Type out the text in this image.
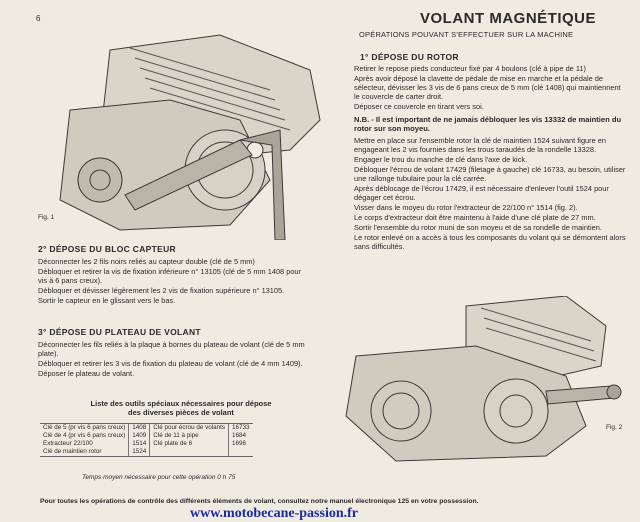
6	VOLANT MAGNÉTIQUE
OPÉRATIONS POUVANT S'EFFECTUER SUR LA MACHINE
Fig. 1
1° DÉPOSE DU ROTOR

Retirer le repose pieds conducteur fixé par 4 boulons (clé à pipe de 11)

Après avoir déposé la clavette de pédale de mise en marche et la pédale de sélecteur, dévisser les 3 vis de 6 pans creux de 5 mm (clé 1408) qui maintiennent le couvercle de carter droit.

Déposer ce couvercle en tirant vers soi.

N.B. - Il est important de ne jamais débloquer les vis 13332 de maintien du rotor sur son moyeu.

Mettre en place sur l'ensemble rotor la clé de maintien 1524 suivant figure en engageant les 2 vis fournies dans les trous taraudés de la rondelle 13328.

Engager le trou du manche de clé dans l'axe de kick.

Débloquer l'écrou de volant 17429 (filetage à gauche) clé 16733, au besoin, utiliser une rallonge tubulaire pour la clé carrée.

Après déblocage de l'écrou 17429, il est nécessaire d'enlever l'outil 1524 pour dégager cet écrou.

Visser dans le moyeu du rotor l'extracteur de 22/100 n° 1514 (fig. 2).

Le corps d'extracteur doit être maintenu à l'aide d'une clé plate de 27 mm.

Sortir l'ensemble du rotor muni de son moyeu et de sa rondelle de maintien.

Le rotor enlevé on a accès à tous les composants du volant qui se démontent alors sans difficultés.

2° DÉPOSE DU BLOC CAPTEUR

Déconnecter les 2 fils noirs reliés au capteur double (clé de 5 mm)

Débloquer et retirer la vis de fixation inférieure n° 13105 (clé de 5 mm 1408 pour vis à 6 pans creux).

Débloquer et dévisser légèrement les 2 vis de fixation supérieure n° 13105.

Sortir le capteur en le glissant vers le bas.

3° DÉPOSE DU PLATEAU DE VOLANT

Déconnecter les fils reliés à la plaque à bornes du plateau de volant (clé de 5 mm plate).

Débloquer et retirer les 3 vis de fixation du plateau de volant (clé de 4 mm 1409).

Déposer le plateau de volant.

Liste des outils spéciaux nécessaires pour dépose
des diverses pièces de volant
Clé de 5 (pr vis 6 pans creux)	1408	Clé pour écrou de volants	16733
Clé de 4 (pr vis 6 pans creux)	1409	Clé de 11 à pipe	1684
Extracteur 22/100	1514	Clé plate de 6	1696
Clé de maintien rotor	1524		
Fig. 2
Temps moyen nécessaire pour cette opération 0 h 75
Pour toutes les opérations de contrôle des différents éléments de volant, consultez notre manuel électronique 125 en votre possession.
www.motobecane-passion.fr
